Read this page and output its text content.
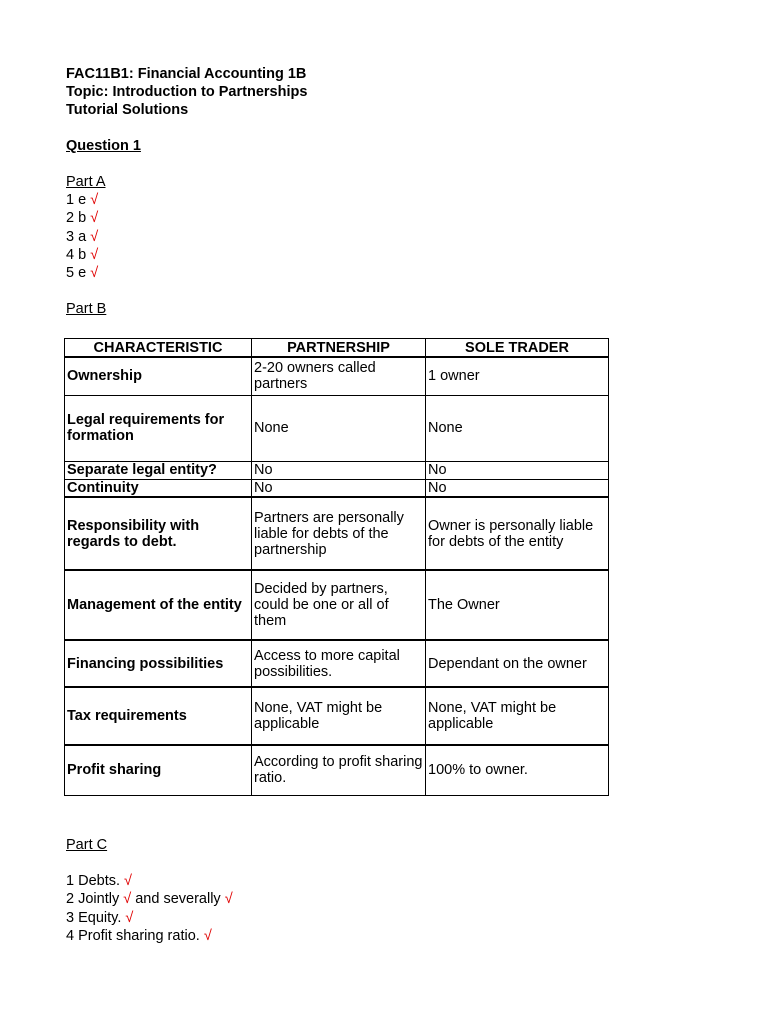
FAC11B1: Financial Accounting 1B
Topic: Introduction to Partnerships
Tutorial Solutions
Question 1
Part A
1 e √
2 b √
3 a √
4 b √
5 e √
Part B
CHARACTERISTIC	PARTNERSHIP	SOLE TRADER
Ownership	2-20 owners called partners	1 owner
Legal requirements for formation	None	None
Separate legal entity?	No	No
Continuity	No	No
Responsibility with regards to debt.	Partners are personally liable for debts of the partnership	Owner is personally liable for debts of the entity
Management of the entity	Decided by partners, could be one or all of them	The Owner
Financing possibilities	Access to more capital possibilities.	Dependant on the owner
Tax requirements	None, VAT might be applicable	None, VAT might be applicable
Profit sharing	According to profit sharing ratio.	100% to owner.
Part C
1 Debts. √
2 Jointly √ and severally √
3 Equity. √
4 Profit sharing ratio. √
